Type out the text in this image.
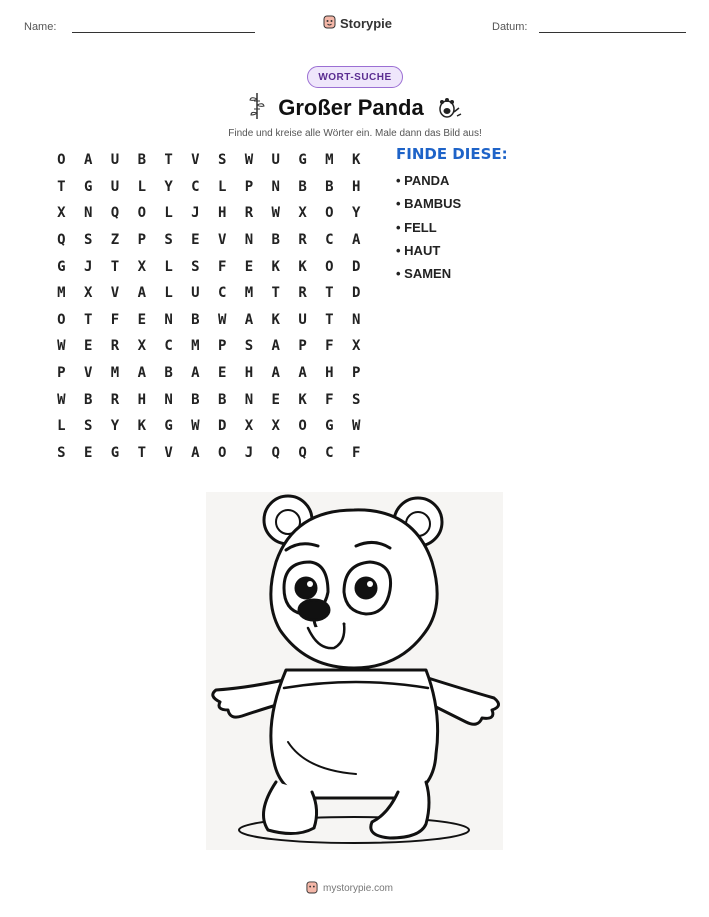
Name:	Storypie	Datum:
WORT-SUCHE
Großer Panda
Finde und kreise alle Wörter ein. Male dann das Bild aus!
O	A	U	B	T	V	S	W	U	G	M	K
T	G	U	L	Y	C	L	P	N	B	B	H
X	N	Q	O	L	J	H	R	W	X	O	Y
Q	S	Z	P	S	E	V	N	B	R	C	A
G	J	T	X	L	S	F	E	K	K	O	D
M	X	V	A	L	U	C	M	T	R	T	D
O	T	F	E	N	B	W	A	K	U	T	N
W	E	R	X	C	M	P	S	A	P	F	X
P	V	M	A	B	A	E	H	A	A	H	P
W	B	R	H	N	B	B	N	E	K	F	S
L	S	Y	K	G	W	D	X	X	O	G	W
S	E	G	T	V	A	O	J	Q	Q	C	F
FINDE DIESE:
• PANDA
• BAMBUS
• FELL
• HAUT
• SAMEN
mystorypie.com
